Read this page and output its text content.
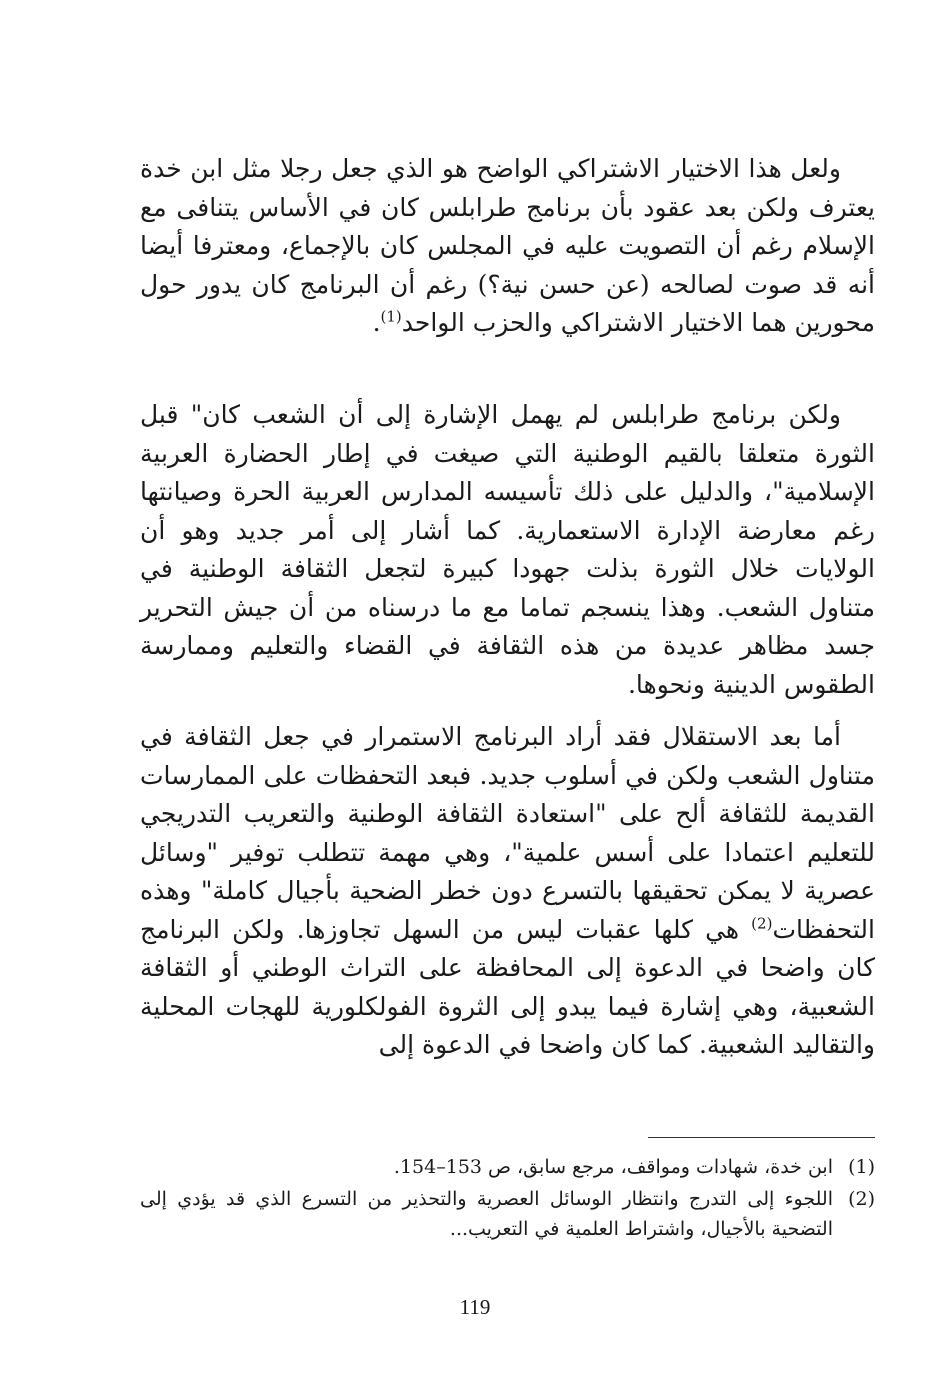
ولعل هذا الاختيار الاشتراكي الواضح هو الذي جعل رجلا مثل ابن خدة يعترف ولكن بعد عقود بأن برنامج طرابلس كان في الأساس يتنافى مع الإسلام رغم أن التصويت عليه في المجلس كان بالإجماع، ومعترفا أيضا أنه قد صوت لصالحه (عن حسن نية؟) رغم أن البرنامج كان يدور حول محورين هما الاختيار الاشتراكي والحزب الواحد$^{(1)}$.

ولكن برنامج طرابلس لم يهمل الإشارة إلى أن الشعب كان" قبل الثورة متعلقا بالقيم الوطنية التي صيغت في إطار الحضارة العربية الإسلامية"، والدليل على ذلك تأسيسه المدارس العربية الحرة وصيانتها رغم معارضة الإدارة الاستعمارية. كما أشار إلى أمر جديد وهو أن الولايات خلال الثورة بذلت جهودا كبيرة لتجعل الثقافة الوطنية في متناول الشعب. وهذا ينسجم تماما مع ما درسناه من أن جيش التحرير جسد مظاهر عديدة من هذه الثقافة في القضاء والتعليم وممارسة الطقوس الدينية ونحوها.

أما بعد الاستقلال فقد أراد البرنامج الاستمرار في جعل الثقافة في متناول الشعب ولكن في أسلوب جديد. فبعد التحفظات على الممارسات القديمة للثقافة ألح على "استعادة الثقافة الوطنية والتعريب التدريجي للتعليم اعتمادا على أسس علمية"، وهي مهمة تتطلب توفير "وسائل عصرية لا يمكن تحقيقها بالتسرع دون خطر الضحية بأجيال كاملة" وهذه التحفظات$^{(2)}$ هي كلها عقبات ليس من السهل تجاوزها. ولكن البرنامج كان واضحا في الدعوة إلى المحافظة على التراث الوطني أو الثقافة الشعبية، وهي إشارة فيما يبدو إلى الثروة الفولكلورية للهجات المحلية والتقاليد الشعبية. كما كان واضحا في الدعوة إلى

(1)
ابن خدة، شهادات ومواقف، مرجع سابق، ص 153–154.
(2)
اللجوء إلى التدرج وانتظار الوسائل العصرية والتحذير من التسرع الذي قد يؤدي إلى التضحية بالأجيال، واشتراط العلمية في التعريب...
119
